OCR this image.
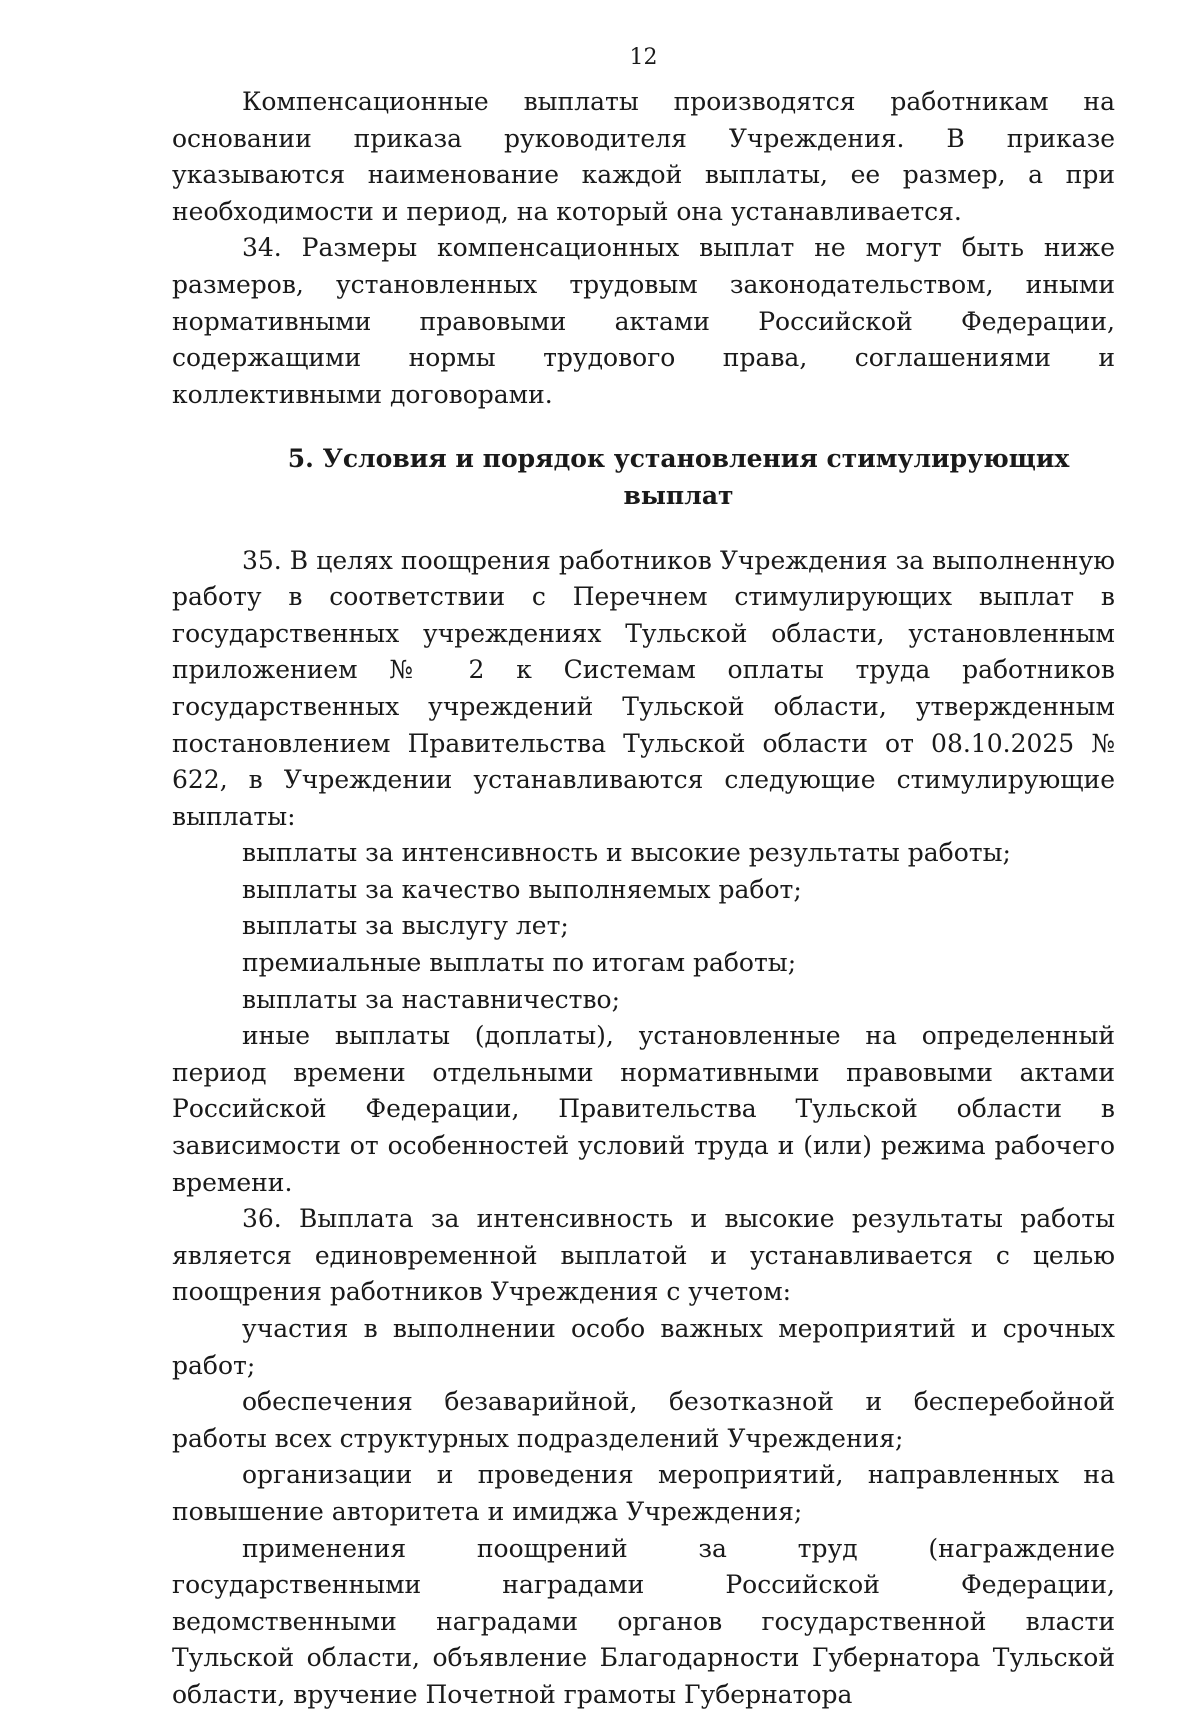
12

Компенсационные выплаты производятся работникам на основании приказа руководителя Учреждения. В приказе указываются наименование каждой выплаты, ее размер, а при необходимости и период, на который она устанавливается.

34. Размеры компенсационных выплат не могут быть ниже размеров, установленных трудовым законодательством, иными нормативными правовыми актами Российской Федерации, содержащими нормы трудового права, соглашениями и коллективными договорами.

5. Условия и порядок установления стимулирующих выплат

35. В целях поощрения работников Учреждения за выполненную работу в соответствии с Перечнем стимулирующих выплат в государственных учреждениях Тульской области, установленным приложением № 2 к Системам оплаты труда работников государственных учреждений Тульской области, утвержденным постановлением Правительства Тульской области от 08.10.2025 № 622, в Учреждении устанавливаются следующие стимулирующие выплаты:

выплаты за интенсивность и высокие результаты работы;

выплаты за качество выполняемых работ;

выплаты за выслугу лет;

премиальные выплаты по итогам работы;

выплаты за наставничество;

иные выплаты (доплаты), установленные на определенный период времени отдельными нормативными правовыми актами Российской Федерации, Правительства Тульской области в зависимости от особенностей условий труда и (или) режима рабочего времени.

36. Выплата за интенсивность и высокие результаты работы является единовременной выплатой и устанавливается с целью поощрения работников Учреждения с учетом:

участия в выполнении особо важных мероприятий и срочных работ;

обеспечения безаварийной, безотказной и бесперебойной работы всех структурных подразделений Учреждения;

организации и проведения мероприятий, направленных на повышение авторитета и имиджа Учреждения;

применения поощрений за труд (награждение государственными наградами Российской Федерации, ведомственными наградами органов государственной власти Тульской области, объявление Благодарности Губернатора Тульской области, вручение Почетной грамоты Губернатора
